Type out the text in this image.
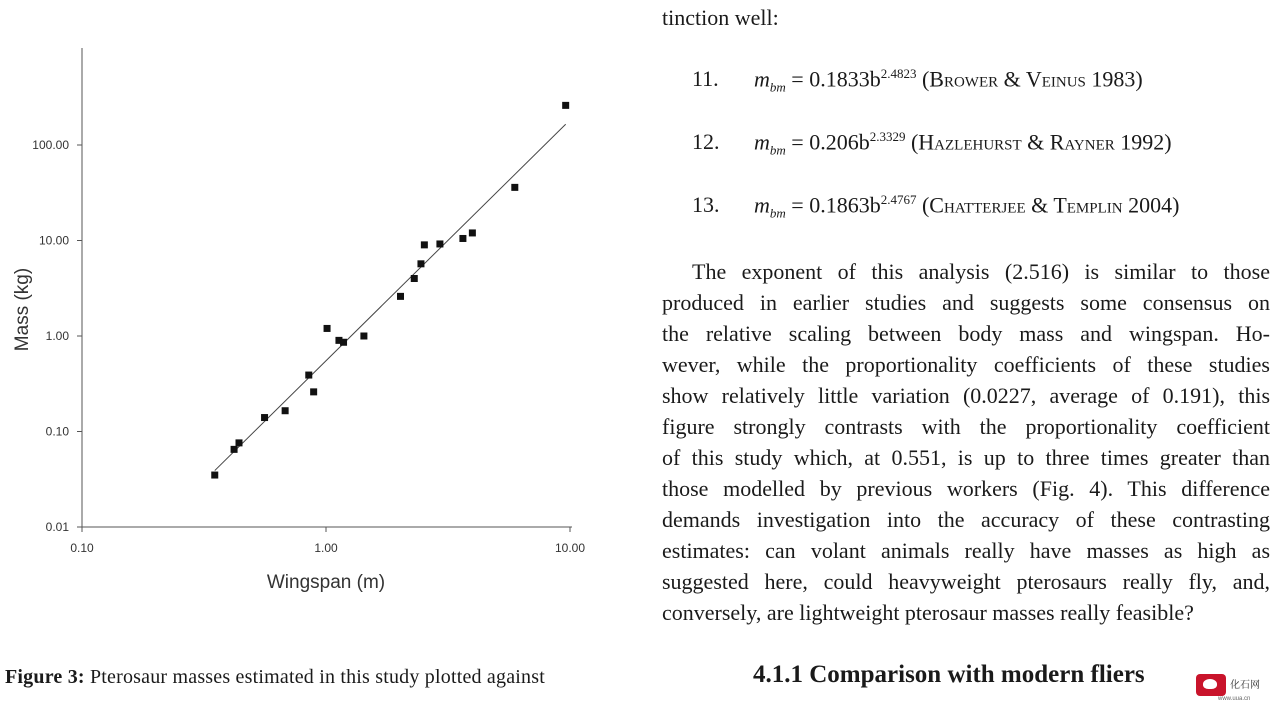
0.01
0.10
1.00
10.00
100.00
0.10	1.00	10.00
Wingspan (m)
Mass (kg)
Figure 3: Pterosaur masses estimated in this study plotted against
tinction well:
11.	$m_{bm} = 0.1833b^{2.4823}$ (Brower & Veinus 1983)
12.	$m_{bm} = 0.206b^{2.3329}$ (Hazlehurst & Rayner 1992)
13.	$m_{bm} = 0.1863b^{2.4767}$ (Chatterjee & Templin 2004)
The exponent of this analysis (2.516) is similar to those
produced in earlier studies and suggests some consensus on
the relative scaling between body mass and wingspan. Ho-
wever, while the proportionality coefficients of these studies
show relatively little variation (0.0227, average of 0.191), this
figure strongly contrasts with the proportionality coefficient
of this study which, at 0.551, is up to three times greater than
those modelled by previous workers (Fig. 4). This difference
demands investigation into the accuracy of these contrasting
estimates: can volant animals really have masses as high as
suggested here, could heavyweight pterosaurs really fly, and,
conversely, are lightweight pterosaur masses really feasible?
4.1.1 Comparison with modern fliers	化石网
www.uua.cn
